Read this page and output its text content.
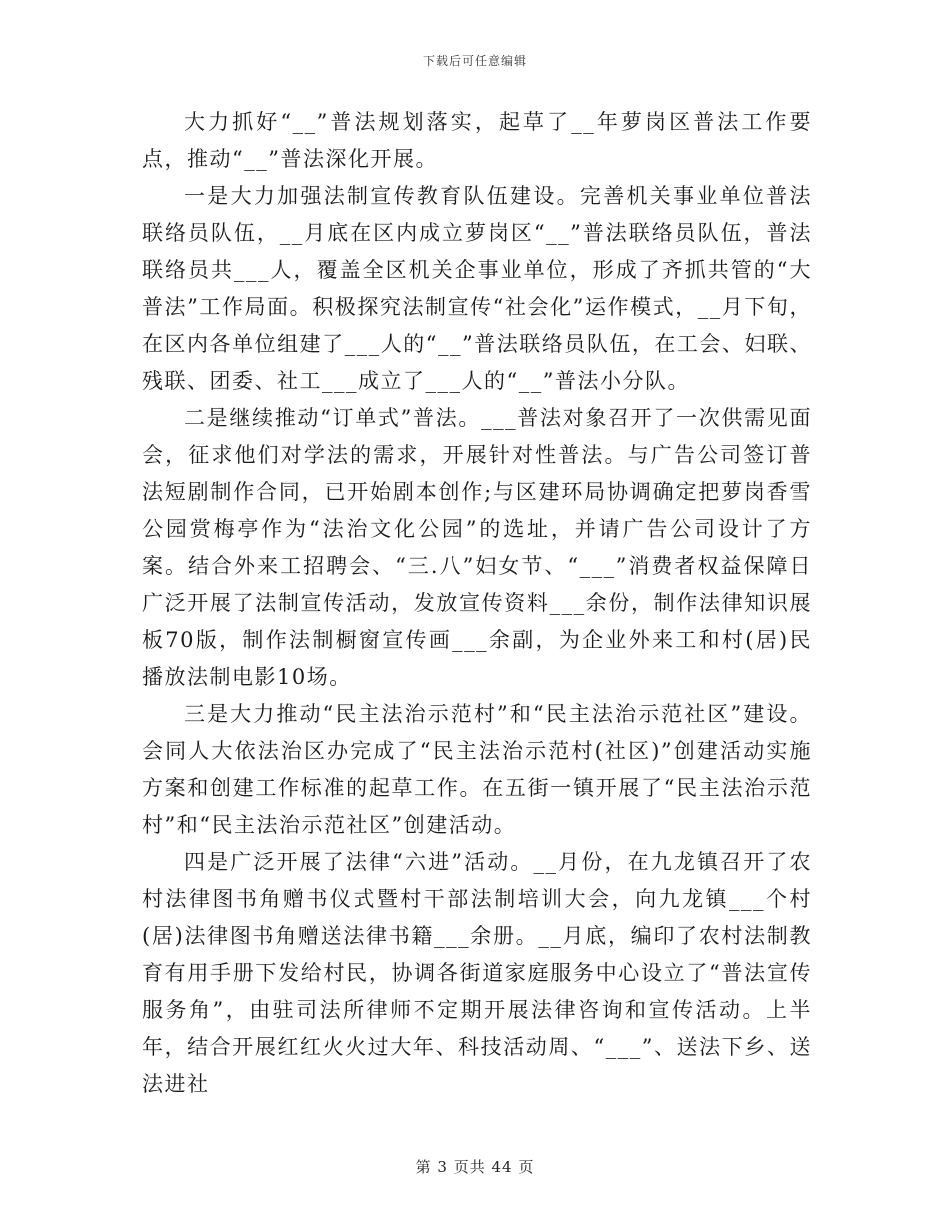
下载后可任意编辑

大力抓好“__”普法规划落实，起草了__年萝岗区普法工作要点，推动“__”普法深化开展。

一是大力加强法制宣传教育队伍建设。完善机关事业单位普法联络员队伍，__月底在区内成立萝岗区“__”普法联络员队伍，普法联络员共___人，覆盖全区机关企事业单位，形成了齐抓共管的“大普法”工作局面。积极探究法制宣传“社会化”运作模式，__月下旬，在区内各单位组建了___人的“__”普法联络员队伍，在工会、妇联、残联、团委、社工___成立了___人的“__”普法小分队。

二是继续推动“订单式”普法。___普法对象召开了一次供需见面会，征求他们对学法的需求，开展针对性普法。与广告公司签订普法短剧制作合同，已开始剧本创作;与区建环局协调确定把萝岗香雪公园赏梅亭作为“法治文化公园”的选址，并请广告公司设计了方案。结合外来工招聘会、“三.八”妇女节、“___”消费者权益保障日广泛开展了法制宣传活动，发放宣传资料___余份，制作法律知识展板70版，制作法制橱窗宣传画___余副，为企业外来工和村(居)民播放法制电影10场。

三是大力推动“民主法治示范村”和“民主法治示范社区”建设。会同人大依法治区办完成了“民主法治示范村(社区)”创建活动实施方案和创建工作标准的起草工作。在五街一镇开展了“民主法治示范村”和“民主法治示范社区”创建活动。

四是广泛开展了法律“六进”活动。__月份，在九龙镇召开了农村法律图书角赠书仪式暨村干部法制培训大会，向九龙镇___个村(居)法律图书角赠送法律书籍___余册。__月底，编印了农村法制教育有用手册下发给村民，协调各街道家庭服务中心设立了“普法宣传服务角”，由驻司法所律师不定期开展法律咨询和宣传活动。上半年，结合开展红红火火过大年、科技活动周、“___”、送法下乡、送法进社

第 3 页共 44 页
